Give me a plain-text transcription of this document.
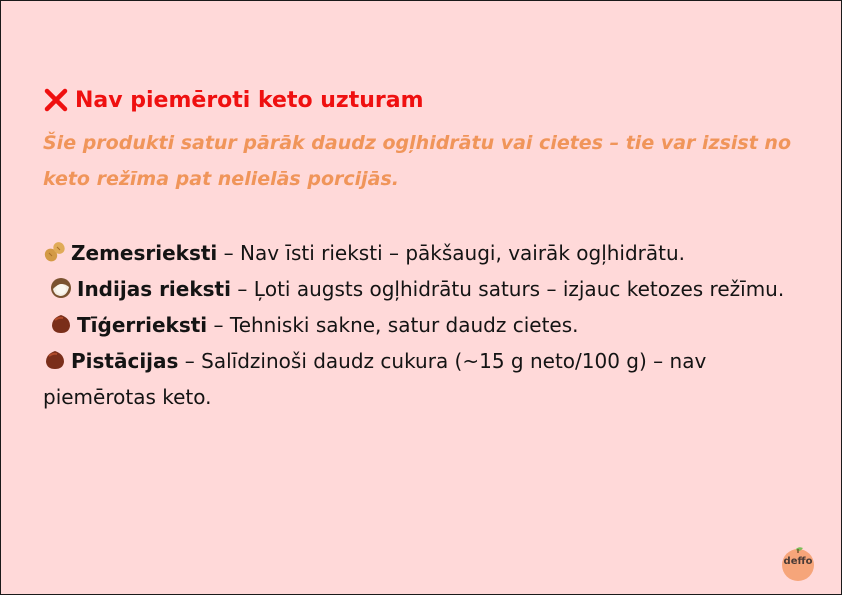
Nav piemēroti keto uzturam
Šie produkti satur pārāk daudz ogļhidrātu vai cietes – tie var izsist no keto režīma pat nelielās porcijās.

Zemesrieksti – Nav īsti rieksti – pākšaugi, vairāk ogļhidrātu.

Indijas rieksti – Ļoti augsts ogļhidrātu saturs – izjauc ketozes režīmu.

Tīģerrieksti – Tehniski sakne, satur daudz cietes.

Pistācijas – Salīdzinoši daudz cukura (~15 g neto/100 g) – nav piemērotas keto.

deffo
